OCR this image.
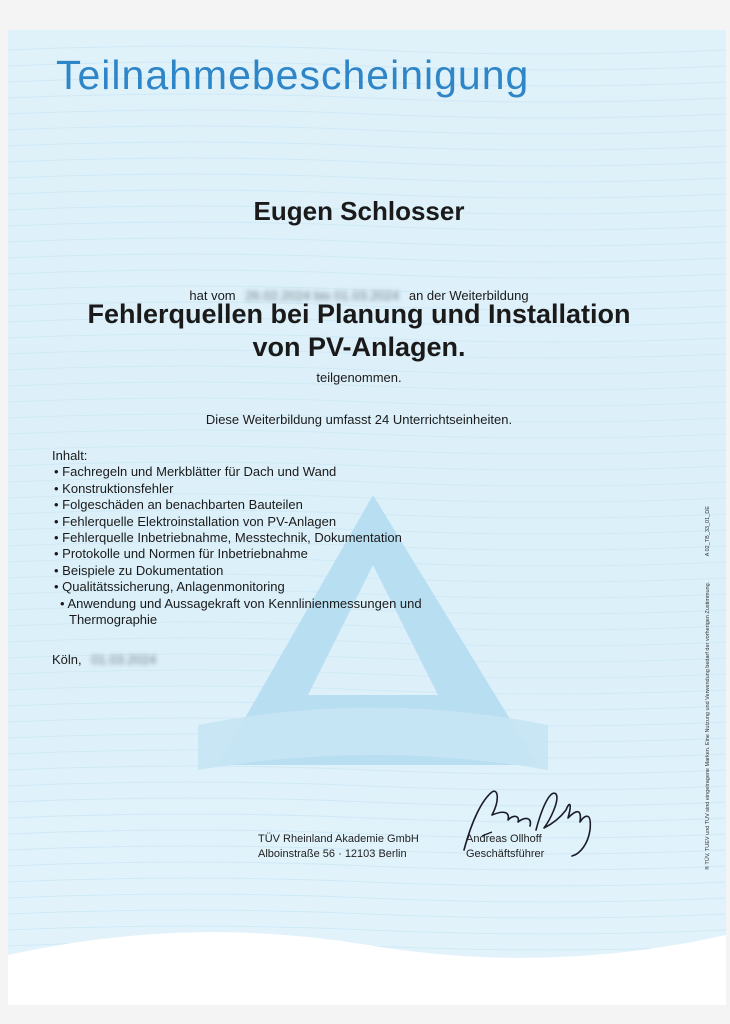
Teilnahmebescheinigung
Eugen Schlosser
hat vom 26.02.2024 bis 01.03.2024 an der Weiterbildung
Fehlerquellen bei Planung und Installation
von PV-Anlagen.
teilgenommen.
Diese Weiterbildung umfasst 24 Unterrichtseinheiten.
Inhalt:
• Fachregeln und Merkblätter für Dach und Wand
• Konstruktionsfehler
• Folgeschäden an benachbarten Bauteilen
• Fehlerquelle Elektroinstallation von PV-Anlagen
• Fehlerquelle Inbetriebnahme, Messtechnik, Dokumentation
• Protokolle und Normen für Inbetriebnahme
• Beispiele zu Dokumentation
• Qualitätssicherung, Anlagenmonitoring
• Anwendung und Aussagekraft von Kennlinienmessungen und
Thermographie
Köln, 01.03.2024
TÜV Rheinland Akademie GmbH
Alboinstraße 56 · 12103 Berlin
Andreas Ollhoff
Geschäftsführer	® TÜV, TUEV und TUV sind eingetragene Marken. Eine Nutzung und Verwendung bedarf der vorherigen Zustimmung. A 02_TB_33_01_DE
